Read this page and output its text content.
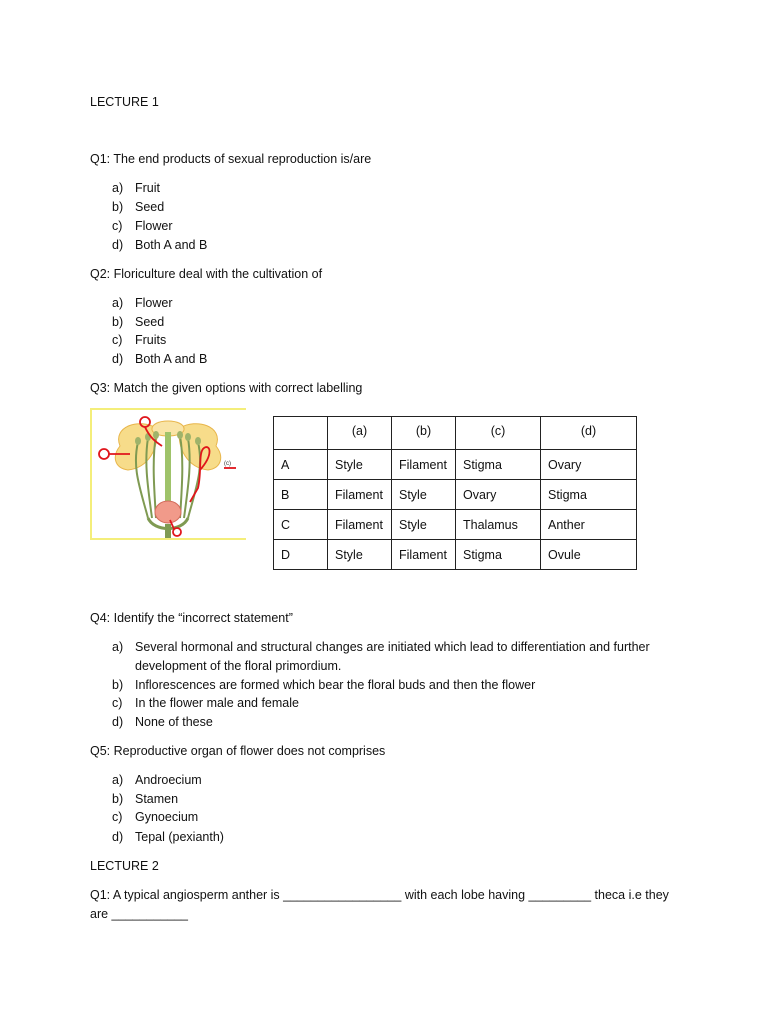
LECTURE 1
Q1: The end products of sexual reproduction is/are
a) Fruit
b) Seed
c) Flower
d) Both A and B
Q2: Floriculture deal with the cultivation of
a) Flower
b) Seed
c) Fruits
d) Both A and B
Q3: Match the given options with correct labelling
(c)
	(a)	(b)	(c)	(d)
A	Style	Filament	Stigma	Ovary
B	Filament	Style	Ovary	Stigma
C	Filament	Style	Thalamus	Anther
D	Style	Filament	Stigma	Ovule
Q4: Identify the “incorrect statement”
a) Several hormonal and structural changes are initiated which lead to differentiation and further development of the floral primordium.
b) Inflorescences are formed which bear the floral buds and then the flower
c) In the flower male and female
d) None of these
Q5: Reproductive organ of flower does not comprises
a) Androecium
b) Stamen
c) Gynoecium
d) Tepal (pexianth)
LECTURE 2
Q1: A typical angiosperm anther is _________________ with each lobe having _________ theca i.e they
are ___________
